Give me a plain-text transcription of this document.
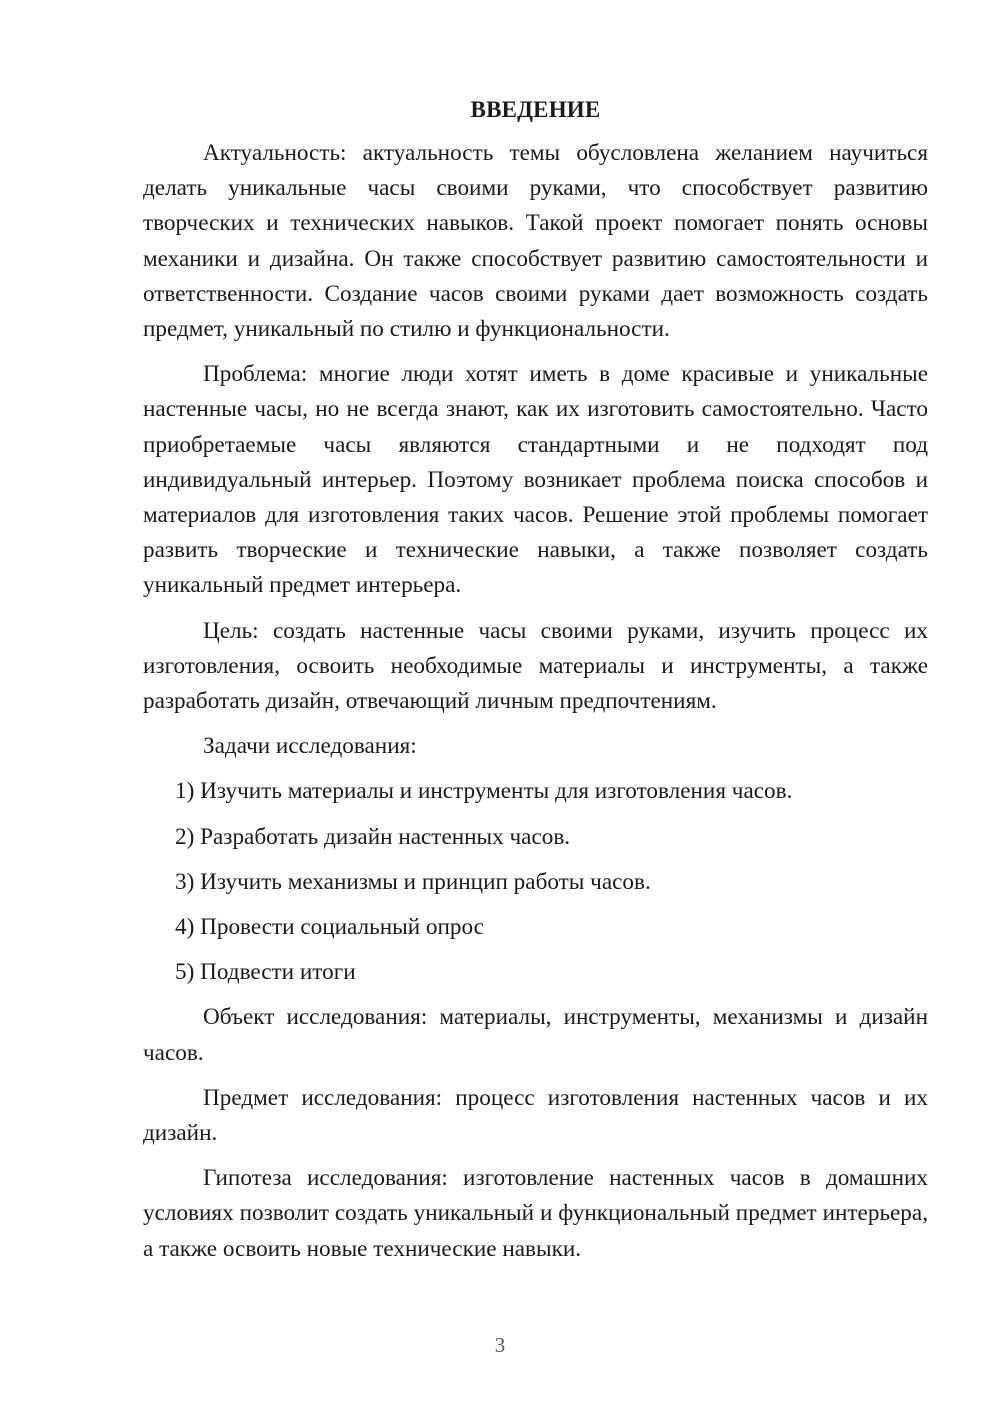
ВВЕДЕНИЕ

Актуальность: актуальность темы обусловлена желанием научиться делать уникальные часы своими руками, что способствует развитию творческих и технических навыков. Такой проект помогает понять основы механики и дизайна. Он также способствует развитию самостоятельности и ответственности. Создание часов своими руками дает возможность создать предмет, уникальный по стилю и функциональности.

Проблема: многие люди хотят иметь в доме красивые и уникальные настенные часы, но не всегда знают, как их изготовить самостоятельно. Часто приобретаемые часы являются стандартными и не подходят под индивидуальный интерьер. Поэтому возникает проблема поиска способов и материалов для изготовления таких часов. Решение этой проблемы помогает развить творческие и технические навыки, а также позволяет создать уникальный предмет интерьера.

Цель: создать настенные часы своими руками, изучить процесс их изготовления, освоить необходимые материалы и инструменты, а также разработать дизайн, отвечающий личным предпочтениям.

Задачи исследования:

1) Изучить материалы и инструменты для изготовления часов.

2) Разработать дизайн настенных часов.

3) Изучить механизмы и принцип работы часов.

4) Провести социальный опрос

5) Подвести итоги

Объект исследования: материалы, инструменты, механизмы и дизайн часов.

Предмет исследования: процесс изготовления настенных часов и их дизайн.

Гипотеза исследования: изготовление настенных часов в домашних условиях позволит создать уникальный и функциональный предмет интерьера, а также освоить новые технические навыки.

3
